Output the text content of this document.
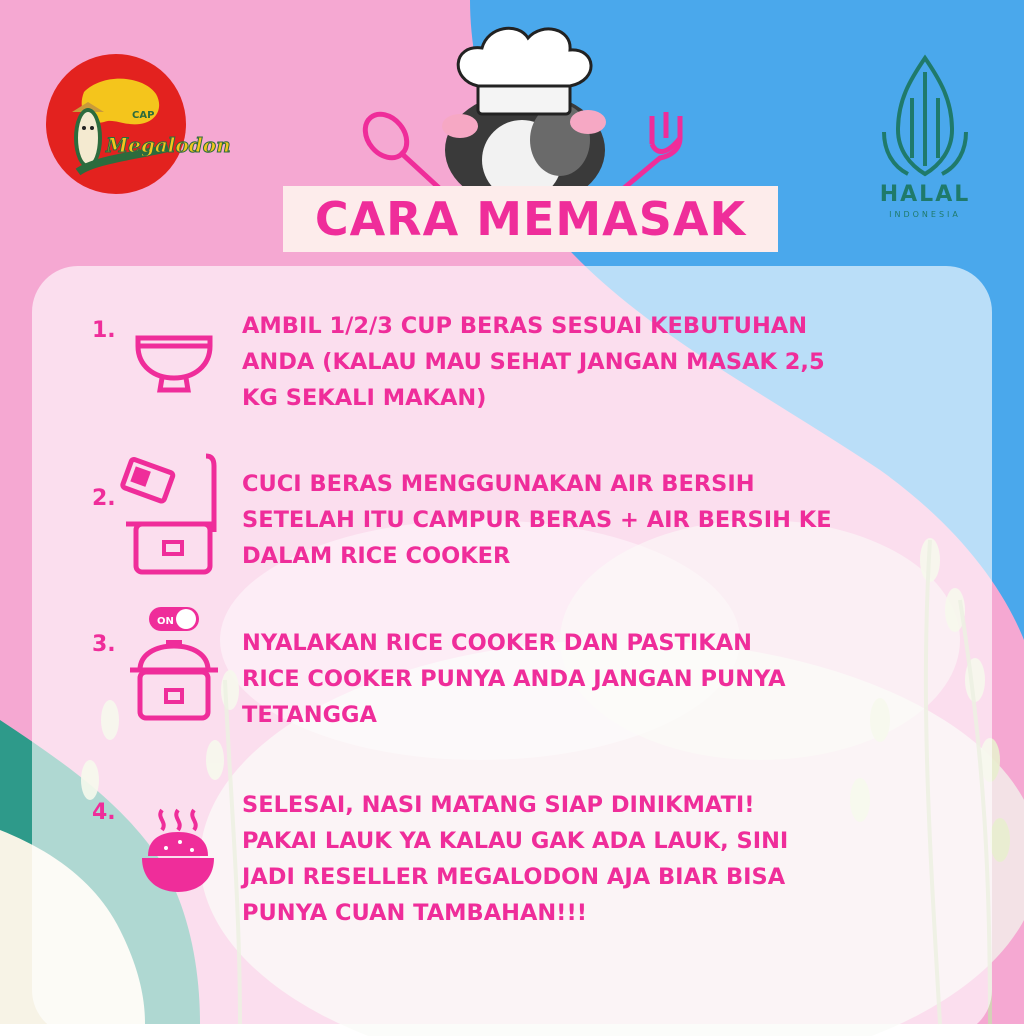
CAP
Megalodon
HALAL
INDONESIA
CARA MEMASAK
1.	AMBIL 1/2/3 CUP BERAS SESUAI KEBUTUHAN
ANDA (KALAU MAU SEHAT JANGAN MASAK 2,5
KG SEKALI MAKAN)
2.
CUCI BERAS MENGGUNAKAN AIR BERSIH
SETELAH ITU CAMPUR BERAS + AIR BERSIH KE
DALAM RICE COOKER
3.
ON
NYALAKAN RICE COOKER DAN PASTIKAN
RICE COOKER PUNYA ANDA JANGAN PUNYA
TETANGGA
4.	SELESAI, NASI MATANG SIAP DINIKMATI!
PAKAI LAUK YA KALAU GAK ADA LAUK, SINI
JADI RESELLER MEGALODON AJA BIAR BISA
PUNYA CUAN TAMBAHAN!!!
